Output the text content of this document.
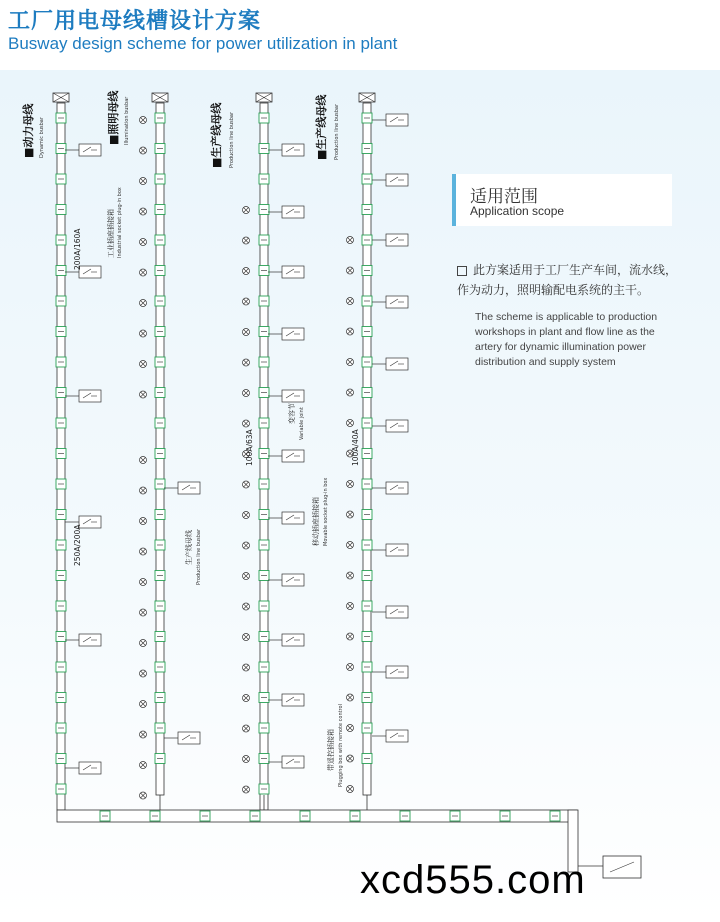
工厂用电母线槽设计方案
Busway design scheme for power utilization in plant
■动力母线 Dynamic busbar	■照明母线 Illumination busbar	■生产线母线 Production line busbar	■生产线母线 Production line busbar
工业插座插接箱 Industrial socket plug-in box
200A/160A
250A/200A	生产线母线 Production line busbar
变容节 Variable joint
100A/63A
移动插座插接箱 Movable socket plug-in box
100A/40A
带遥控插接箱 Plugging box with remote control
适用范围
Application scope
此方案适用于工厂生产车间，流水线，作为动力，照明输配电系统的主干。
The scheme is applicable to production workshops in plant and flow line as the artery for dynamic illumination power distribution and supply system
xcd555.com
